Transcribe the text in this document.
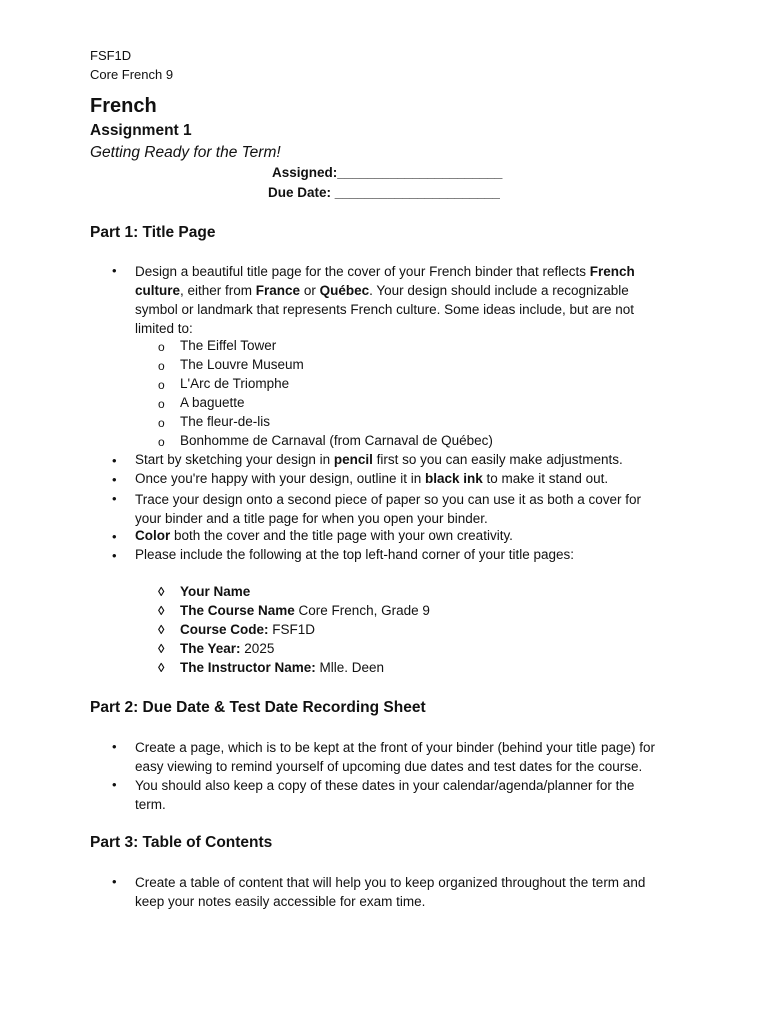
FSF1D
Core French 9
French
Assignment 1
Getting Ready for the Term!
Assigned:______________________
Due Date: ______________________
Part 1: Title Page
• Design a beautiful title page for the cover of your French binder that reflects French culture, either from France or Québec. Your design should include a recognizable symbol or landmark that represents French culture. Some ideas include, but are not limited to:
o The Eiffel Tower
o The Louvre Museum
o L'Arc de Triomphe
o A baguette
o The fleur-de-lis
o Bonhomme de Carnaval (from Carnaval de Québec)
• Start by sketching your design in pencil first so you can easily make adjustments.
• Once you're happy with your design, outline it in black ink to make it stand out.
• Trace your design onto a second piece of paper so you can use it as both a cover for your binder and a title page for when you open your binder.
• Color both the cover and the title page with your own creativity.
• Please include the following at the top left-hand corner of your title pages:
◊ Your Name
◊ The Course Name Core French, Grade 9
◊ Course Code: FSF1D
◊ The Year: 2025
◊ The Instructor Name: Mlle. Deen
Part 2: Due Date & Test Date Recording Sheet
• Create a page, which is to be kept at the front of your binder (behind your title page) for easy viewing to remind yourself of upcoming due dates and test dates for the course.
• You should also keep a copy of these dates in your calendar/agenda/planner for the term.
Part 3: Table of Contents
• Create a table of content that will help you to keep organized throughout the term and keep your notes easily accessible for exam time.
